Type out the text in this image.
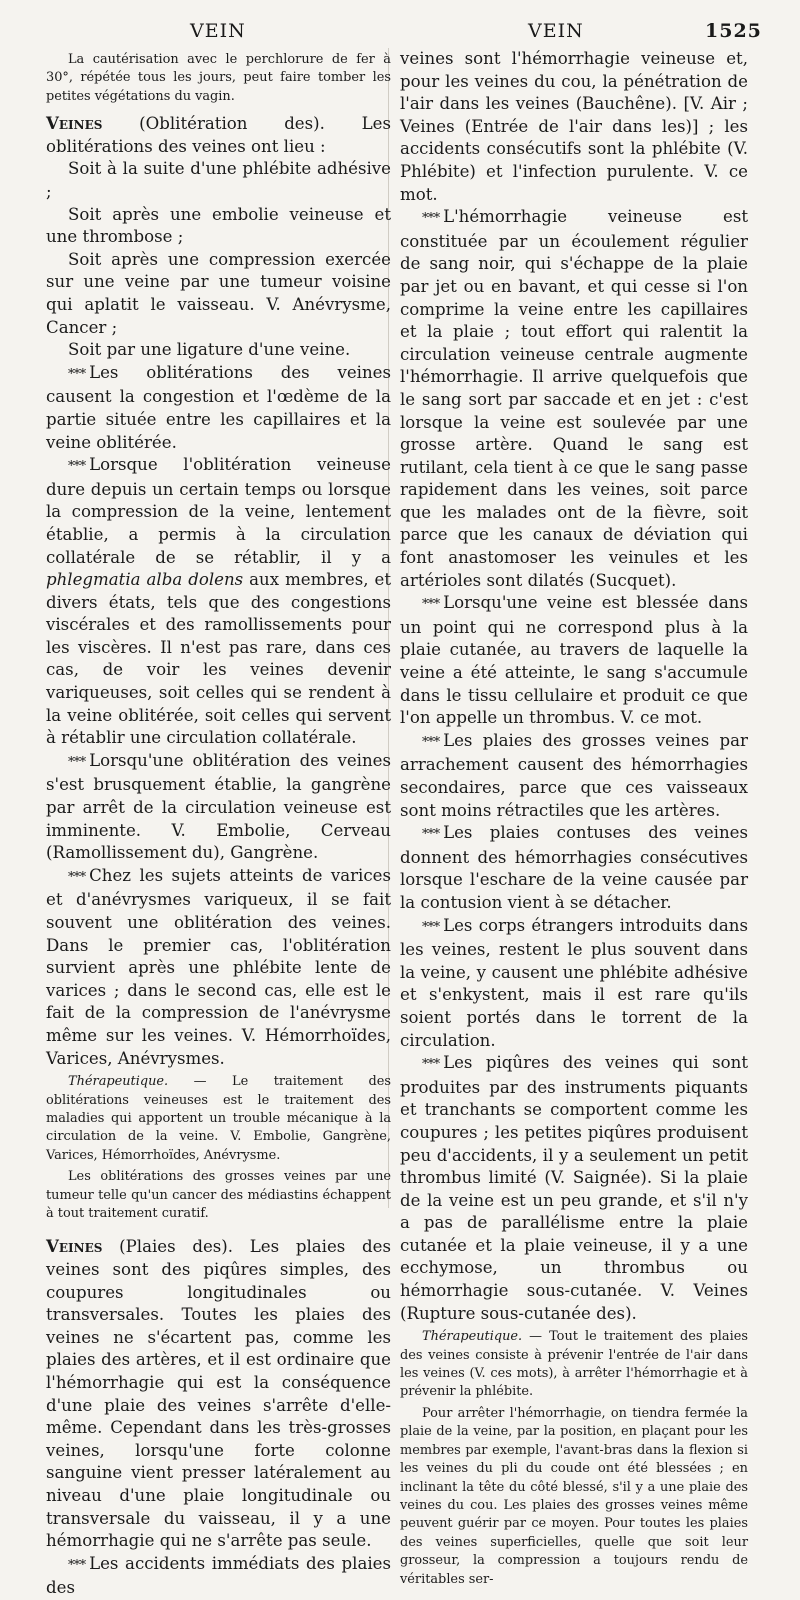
VEIN	VEIN	1525

La cautérisation avec le perchlorure de fer à 30°, répétée tous les jours, peut faire tomber les petites végétations du vagin.

Veines (Oblitération des). Les oblitérations des veines ont lieu :

Soit à la suite d'une phlébite adhésive ;

Soit après une embolie veineuse et une thrombose ;

Soit après une compression exercée sur une veine par une tumeur voisine qui aplatit le vaisseau. V. Anévrysme, Cancer ;

Soit par une ligature d'une veine.

* * * Les oblitérations des veines causent la congestion et l'œdème de la partie située entre les capillaires et la veine oblitérée.

* * * Lorsque l'oblitération veineuse dure depuis un certain temps ou lorsque la compression de la veine, lentement établie, a permis à la circulation collatérale de se rétablir, il y a phlegmatia alba dolens aux membres, et divers états, tels que des congestions viscérales et des ramollissements pour les viscères. Il n'est pas rare, dans ces cas, de voir les veines devenir variqueuses, soit celles qui se rendent à la veine oblitérée, soit celles qui servent à rétablir une circulation collatérale.

* * * Lorsqu'une oblitération des veines s'est brusquement établie, la gangrène par arrêt de la circulation veineuse est imminente. V. Embolie, Cerveau (Ramollissement du), Gangrène.

* * * Chez les sujets atteints de varices et d'anévrysmes variqueux, il se fait souvent une oblitération des veines. Dans le premier cas, l'oblitération survient après une phlébite lente de varices ; dans le second cas, elle est le fait de la compression de l'anévrysme même sur les veines. V. Hémorrhoïdes, Varices, Anévrysmes.

Thérapeutique. — Le traitement des oblitérations veineuses est le traitement des maladies qui apportent un trouble mécanique à la circulation de la veine. V. Embolie, Gangrène, Varices, Hémorrhoïdes, Anévrysme.

Les oblitérations des grosses veines par une tumeur telle qu'un cancer des médiastins échappent à tout traitement curatif.

Veines (Plaies des). Les plaies des veines sont des piqûres simples, des coupures longitudinales ou transversales. Toutes les plaies des veines ne s'écartent pas, comme les plaies des artères, et il est ordinaire que l'hémorrhagie qui est la conséquence d'une plaie des veines s'arrête d'elle-même. Cependant dans les très-grosses veines, lorsqu'une forte colonne sanguine vient presser latéralement au niveau d'une plaie longitudinale ou transversale du vaisseau, il y a une hémorrhagie qui ne s'arrête pas seule.

* * * Les accidents immédiats des plaies des

veines sont l'hémorrhagie veineuse et, pour les veines du cou, la pénétration de l'air dans les veines (Bauchêne). [V. Air ; Veines (Entrée de l'air dans les)] ; les accidents consécutifs sont la phlébite (V. Phlébite) et l'infection purulente. V. ce mot.

* * * L'hémorrhagie veineuse est constituée par un écoulement régulier de sang noir, qui s'échappe de la plaie par jet ou en bavant, et qui cesse si l'on comprime la veine entre les capillaires et la plaie ; tout effort qui ralentit la circulation veineuse centrale augmente l'hémorrhagie. Il arrive quelquefois que le sang sort par saccade et en jet : c'est lorsque la veine est soulevée par une grosse artère. Quand le sang est rutilant, cela tient à ce que le sang passe rapidement dans les veines, soit parce que les malades ont de la fièvre, soit parce que les canaux de déviation qui font anastomoser les veinules et les artérioles sont dilatés (Sucquet).

* * * Lorsqu'une veine est blessée dans un point qui ne correspond plus à la plaie cutanée, au travers de laquelle la veine a été atteinte, le sang s'accumule dans le tissu cellulaire et produit ce que l'on appelle un thrombus. V. ce mot.

* * * Les plaies des grosses veines par arrachement causent des hémorrhagies secondaires, parce que ces vaisseaux sont moins rétractiles que les artères.

* * * Les plaies contuses des veines donnent des hémorrhagies consécutives lorsque l'eschare de la veine causée par la contusion vient à se détacher.

* * * Les corps étrangers introduits dans les veines, restent le plus souvent dans la veine, y causent une phlébite adhésive et s'enkystent, mais il est rare qu'ils soient portés dans le torrent de la circulation.

* * * Les piqûres des veines qui sont produites par des instruments piquants et tranchants se comportent comme les coupures ; les petites piqûres produisent peu d'accidents, il y a seulement un petit thrombus limité (V. Saignée). Si la plaie de la veine est un peu grande, et s'il n'y a pas de parallélisme entre la plaie cutanée et la plaie veineuse, il y a une ecchymose, un thrombus ou hémorrhagie sous-cutanée. V. Veines (Rupture sous-cutanée des).

Thérapeutique. — Tout le traitement des plaies des veines consiste à prévenir l'entrée de l'air dans les veines (V. ces mots), à arrêter l'hémorrhagie et à prévenir la phlébite.

Pour arrêter l'hémorrhagie, on tiendra fermée la plaie de la veine, par la position, en plaçant pour les membres par exemple, l'avant-bras dans la flexion si les veines du pli du coude ont été blessées ; en inclinant la tête du côté blessé, s'il y a une plaie des veines du cou. Les plaies des grosses veines même peuvent guérir par ce moyen. Pour toutes les plaies des veines superficielles, quelle que soit leur grosseur, la compression a toujours rendu de véritables ser-
